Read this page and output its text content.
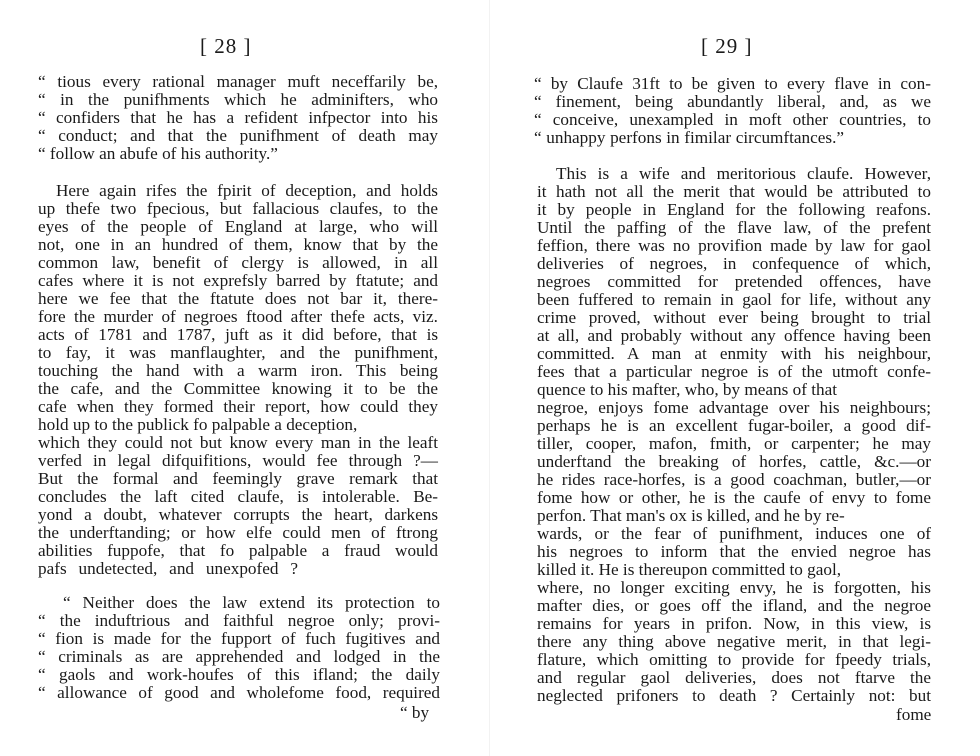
[ 28 ]
“ tious every rational manager muft neceffarily be,
“ in the punifhments which he adminifters, who
“ confiders that he has a refident infpector into his
“ conduct; and that the punifhment of death may
“ follow an abufe of his authority.”
Here again rifes the fpirit of deception, and holds
up thefe two fpecious, but fallacious claufes, to the
eyes of the people of England at large, who will
not, one in an hundred of them, know that by the
common law, benefit of clergy is allowed, in all
cafes where it is not exprefsly barred by ftatute; and
here we fee that the ftatute does not bar it, there-
fore the murder of negroes ftood after thefe acts, viz.
acts of 1781 and 1787, juft as it did before, that is
to fay, it was manflaughter, and the punifhment,
touching the hand with a warm iron. This being
the cafe, and the Committee knowing it to be the
cafe when they formed their report, how could they
hold up to the publick fo palpable a deception,
which they could not but know every man in the leaft
verfed in legal difquifitions, would fee through ?—
But the formal and feemingly grave remark that
concludes the laft cited claufe, is intolerable. Be-
yond a doubt, whatever corrupts the heart, darkens
the underftanding; or how elfe could men of ftrong
abilities fuppofe, that fo palpable a fraud would
pafs undetected, and unexpofed ?
“ Neither does the law extend its protection to
“ the induftrious and faithful negroe only; provi-
“ fion is made for the fupport of fuch fugitives and
“ criminals as are apprehended and lodged in the
“ gaols and work-houfes of this ifland; the daily
“ allowance of good and wholefome food, required
“ by
[ 29 ]
“ by Claufe 31ft to be given to every flave in con-
“ finement, being abundantly liberal, and, as we
“ conceive, unexampled in moft other countries, to
“ unhappy perfons in fimilar circumftances.”
This is a wife and meritorious claufe. However,
it hath not all the merit that would be attributed to
it by people in England for the following reafons.
Until the paffing of the flave law, of the prefent
feffion, there was no provifion made by law for gaol
deliveries of negroes, in confequence of which,
negroes committed for pretended offences, have
been fuffered to remain in gaol for life, without any
crime proved, without ever being brought to trial
at all, and probably without any offence having been
committed. A man at enmity with his neighbour,
fees that a particular negroe is of the utmoft confe-
quence to his mafter, who, by means of that
negroe, enjoys fome advantage over his neighbours;
perhaps he is an excellent fugar-boiler, a good dif-
tiller, cooper, mafon, fmith, or carpenter; he may
underftand the breaking of horfes, cattle, &c.—or
he rides race-horfes, is a good coachman, butler,—or
fome how or other, he is the caufe of envy to fome
perfon. That man's ox is killed, and he by re-
wards, or the fear of punifhment, induces one of
his negroes to inform that the envied negroe has
killed it. He is thereupon committed to gaol,
where, no longer exciting envy, he is forgotten, his
mafter dies, or goes off the ifland, and the negroe
remains for years in prifon. Now, in this view, is
there any thing above negative merit, in that legi-
flature, which omitting to provide for fpeedy trials,
and regular gaol deliveries, does not ftarve the
neglected prifoners to death ? Certainly not: but
fome
